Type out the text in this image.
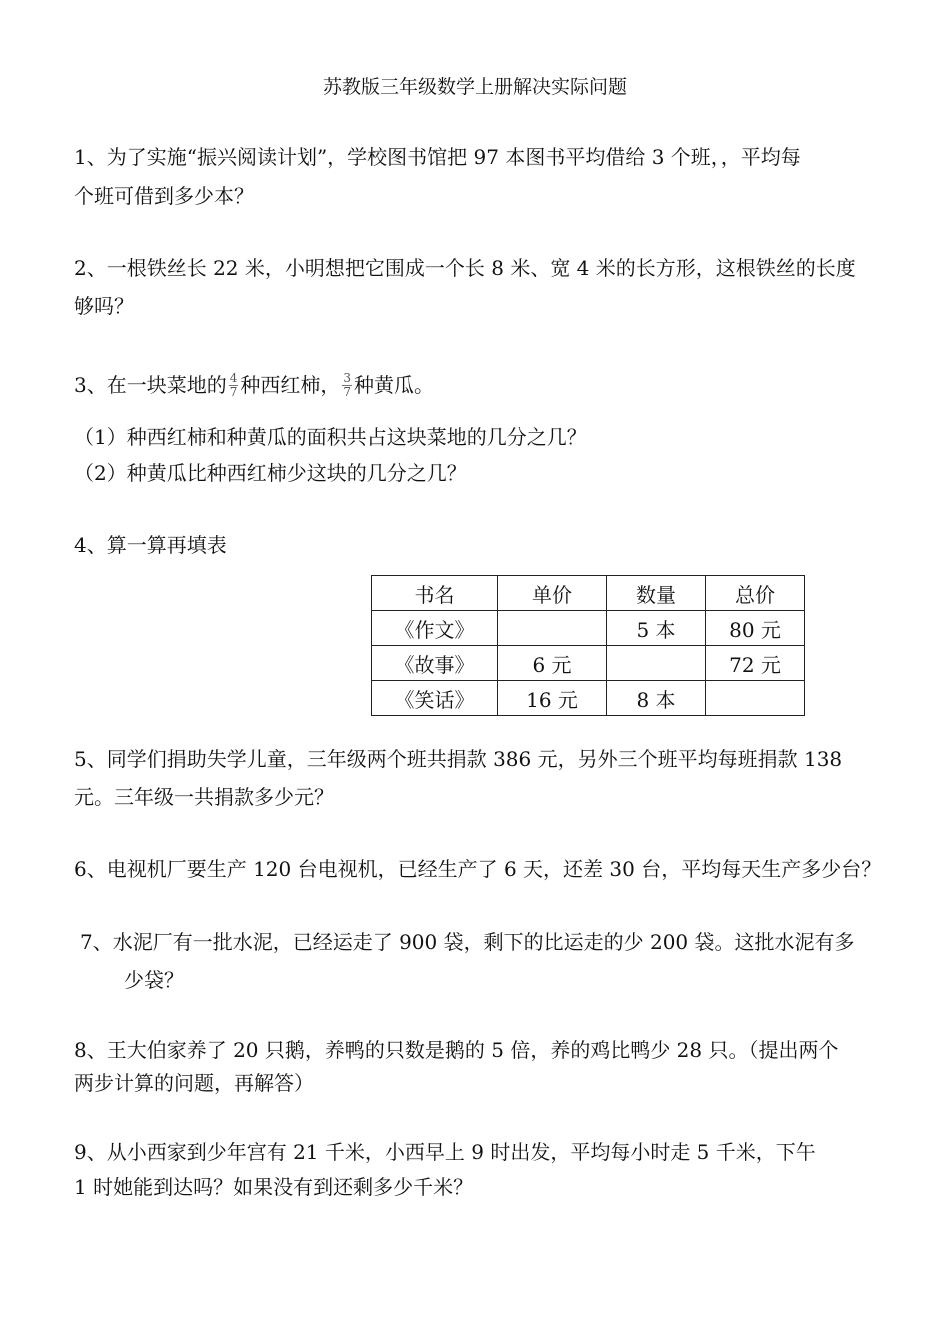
苏教版三年级数学上册解决实际问题
1、为了实施“振兴阅读计划”，学校图书馆把 97 本图书平均借给 3 个班，，平均每
个班可借到多少本？
2、一根铁丝长 22 米，小明想把它围成一个长 8 米、宽 4 米的长方形，这根铁丝的长度
够吗？
3、在一块菜地的 $\frac{4}{7}$ 种西红柿， $\frac{3}{7}$ 种黄瓜。
（1）种西红柿和种黄瓜的面积共占这块菜地的几分之几？
（2）种黄瓜比种西红柿少这块的几分之几？
4、算一算再填表
书名	单价	数量	总价
《作文》		5 本	80 元
《故事》	6 元		72 元
《笑话》	16 元	8 本	
5、同学们捐助失学儿童，三年级两个班共捐款 386 元，另外三个班平均每班捐款 138
元。三年级一共捐款多少元？
6、电视机厂要生产 120 台电视机，已经生产了 6 天，还差 30 台，平均每天生产多少台？
7、水泥厂有一批水泥，已经运走了 900 袋，剩下的比运走的少 200 袋。这批水泥有多
少袋？
8、王大伯家养了 20 只鹅，养鸭的只数是鹅的 5 倍，养的鸡比鸭少 28 只。（提出两个
两步计算的问题，再解答）
9、从小西家到少年宫有 21 千米，小西早上 9 时出发，平均每小时走 5 千米，下午
1 时她能到达吗？如果没有到还剩多少千米？
